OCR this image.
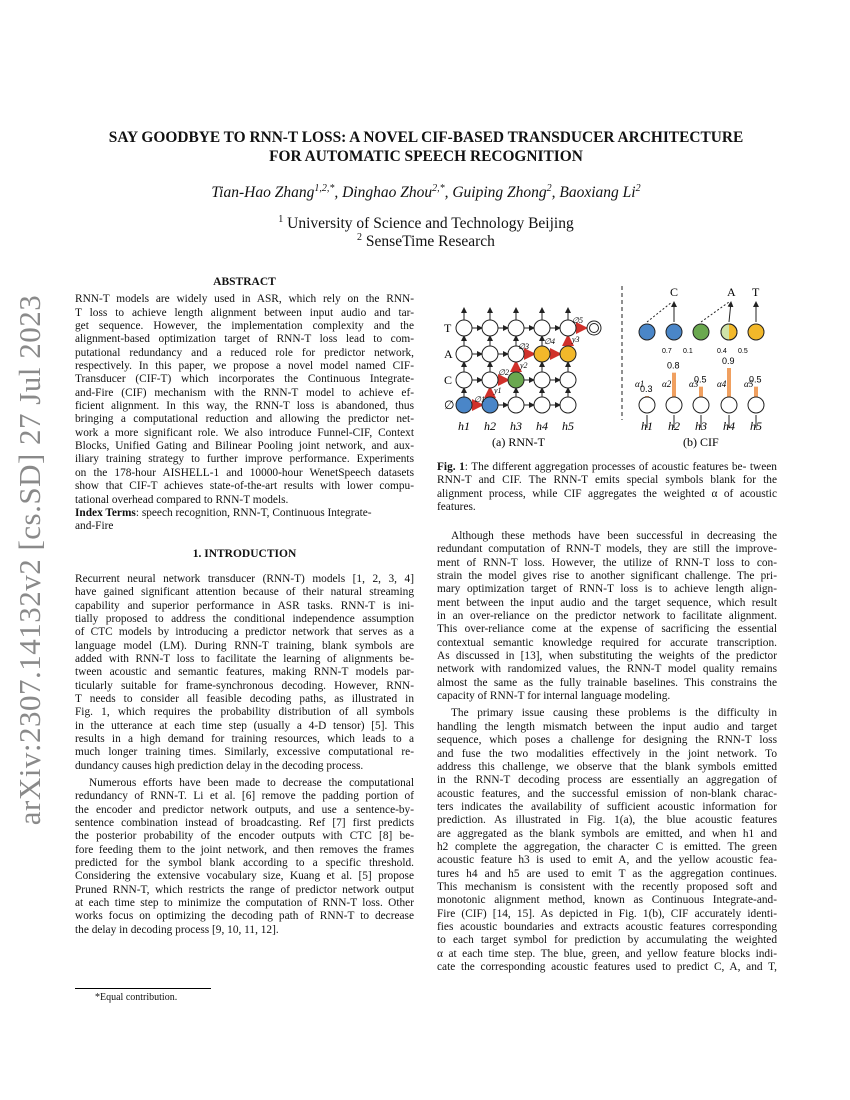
arXiv:2307.14132v2 [cs.SD] 27 Jul 2023
SAY GOODBYE TO RNN-T LOSS: A NOVEL CIF-BASED TRANSDUCER ARCHITECTURE
FOR AUTOMATIC SPEECH RECOGNITION
Tian-Hao Zhang$^{1,2,*}$, Dinghao Zhou$^{2,*}$, Guiping Zhong$^2$, Baoxiang Li$^2$
$^1$ University of Science and Technology Beijing
$^2$ SenseTime Research

ABSTRACT

RNN-T models are widely used in ASR, which rely on the RNN-
T loss to achieve length alignment between input audio and tar-
get sequence. However, the implementation complexity and the
alignment-based optimization target of RNN-T loss lead to com-
putational redundancy and a reduced role for predictor network,
respectively. In this paper, we propose a novel model named CIF-
Transducer (CIF-T) which incorporates the Continuous Integrate-
and-Fire (CIF) mechanism with the RNN-T model to achieve ef-
ficient alignment. In this way, the RNN-T loss is abandoned, thus
bringing a computational reduction and allowing the predictor net-
work a more significant role. We also introduce Funnel-CIF, Context
Blocks, Unified Gating and Bilinear Pooling joint network, and aux-
iliary training strategy to further improve performance. Experiments
on the 178-hour AISHELL-1 and 10000-hour WenetSpeech datasets
show that CIF-T achieves state-of-the-art results with lower compu-
tational overhead compared to RNN-T models.

Index Terms: speech recognition, RNN-T, Continuous Integrate-
and-Fire

1. INTRODUCTION

Recurrent neural network transducer (RNN-T) models [1, 2, 3, 4]
have gained significant attention because of their natural streaming
capability and superior performance in ASR tasks. RNN-T is ini-
tially proposed to address the conditional independence assumption
of CTC models by introducing a predictor network that serves as a
language model (LM). During RNN-T training, blank symbols are
added with RNN-T loss to facilitate the learning of alignments be-
tween acoustic and semantic features, making RNN-T models par-
ticularly suitable for frame-synchronous decoding. However, RNN-
T needs to consider all feasible decoding paths, as illustrated in
Fig. 1, which requires the probability distribution of all symbols
in the utterance at each time step (usually a 4-D tensor) [5]. This
results in a high demand for training resources, which leads to a
much longer training times. Similarly, excessive computational re-
dundancy causes high prediction delay in the decoding process.
Numerous efforts have been made to decrease the computational
redundancy of RNN-T. Li et al. [6] remove the padding portion of
the encoder and predictor network outputs, and use a sentence-by-
sentence combination instead of broadcasting. Ref [7] first predicts
the posterior probability of the encoder outputs with CTC [8] be-
fore feeding them to the joint network, and then removes the frames
predicted for the symbol blank according to a specific threshold.
Considering the extensive vocabulary size, Kuang et al. [5] propose
Pruned RNN-T, which restricts the range of predictor network output
at each time step to minimize the computation of RNN-T loss. Other
works focus on optimizing the decoding path of RNN-T to decrease
the delay in decoding process [9, 10, 11, 12].
*Equal contribution.
T
A
C
∅
h1 h2 h3 h4 h5
∅1
∅2
∅3
∅4
∅5
y1
y2
y3
(a) RNN-T
C	A T
0.7 0.1	0.4 0.5
0.3
0.8
0.5
0.9
0.5
α1 α2 α3 α4 α5
h1 h2 h3 h4 h5
(b) CIF
Fig. 1: The different aggregation processes of acoustic features be- tween RNN-T and CIF. The RNN-T emits special symbols blank for the alignment process, while CIF aggregates the weighted α of acoustic features.
Although these methods have been successful in decreasing the
redundant computation of RNN-T models, they are still the improve-
ment of RNN-T loss. However, the utilize of RNN-T loss to con-
strain the model gives rise to another significant challenge. The pri-
mary optimization target of RNN-T loss is to achieve length align-
ment between the input audio and the target sequence, which result
in an over-reliance on the predictor network to facilitate alignment.
This over-reliance come at the expense of sacrificing the essential
contextual semantic knowledge required for accurate transcription.
As discussed in [13], when substituting the weights of the predictor
network with randomized values, the RNN-T model quality remains
almost the same as the fully trainable baselines. This constrains the
capacity of RNN-T for internal language modeling.
The primary issue causing these problems is the difficulty in
handling the length mismatch between the input audio and target
sequence, which poses a challenge for designing the RNN-T loss
and fuse the two modalities effectively in the joint network. To
address this challenge, we observe that the blank symbols emitted
in the RNN-T decoding process are essentially an aggregation of
acoustic features, and the successful emission of non-blank charac-
ters indicates the availability of sufficient acoustic information for
prediction. As illustrated in Fig. 1(a), the blue acoustic features
are aggregated as the blank symbols are emitted, and when h1 and
h2 complete the aggregation, the character C is emitted. The green
acoustic feature h3 is used to emit A, and the yellow acoustic fea-
tures h4 and h5 are used to emit T as the aggregation continues.
This mechanism is consistent with the recently proposed soft and
monotonic alignment method, known as Continuous Integrate-and-
Fire (CIF) [14, 15]. As depicted in Fig. 1(b), CIF accurately identi-
fies acoustic boundaries and extracts acoustic features corresponding
to each target symbol for prediction by accumulating the weighted
α at each time step. The blue, green, and yellow feature blocks indi-
cate the corresponding acoustic features used to predict C, A, and T,
